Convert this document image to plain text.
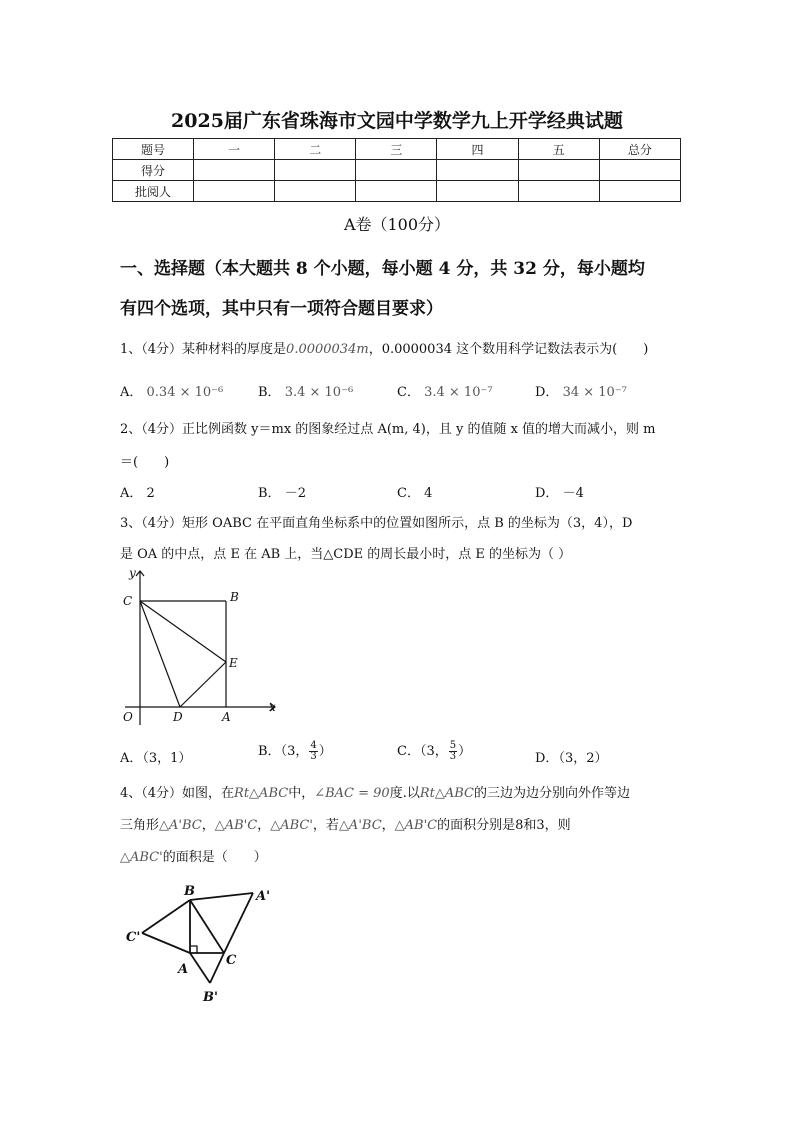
2025届广东省珠海市文园中学数学九上开学经典试题
题号	一	二	三	四	五	总分
得分						
批阅人						
A卷（100分）
一、选择题（本大题共 8 个小题，每小题 4 分，共 32 分，每小题均
有四个选项，其中只有一项符合题目要求）
1、（4分）某种材料的厚度是0.0000034m，0.0000034 这个数用科学记数法表示为(　　)
A． 0.34 × 10⁻⁶	B． 3.4 × 10⁻⁶	C． 3.4 × 10⁻⁷	D． 34 × 10⁻⁷
2、（4分）正比例函数 y＝mx 的图象经过点 A(m, 4)，且 y 的值随 x 值的增大而减小，则 m
＝(　　)
A． 2	B． －2	C． 4	D． －4
3、（4分）矩形 OABC 在平面直角坐标系中的位置如图所示，点 B 的坐标为（3，4），D
是 OA 的中点，点 E 在 AB 上，当△CDE 的周长最小时，点 E 的坐标为（ ）
y
x
C	B
E
O	D	A
A．（3，1）	B．（3， $\frac{4}{3}$ ）	C．（3， $\frac{5}{3}$ ）	D．（3，2）
4、（4分）如图，在Rt△ABC中，∠BAC = 90度.以Rt△ABC的三边为边分别向外作等边
三角形△A'BC，△AB'C，△ABC'，若△A'BC，△AB'C的面积分别是8和3，则
△ABC'的面积是（　　）
B	A'
C'
A
C
B'
